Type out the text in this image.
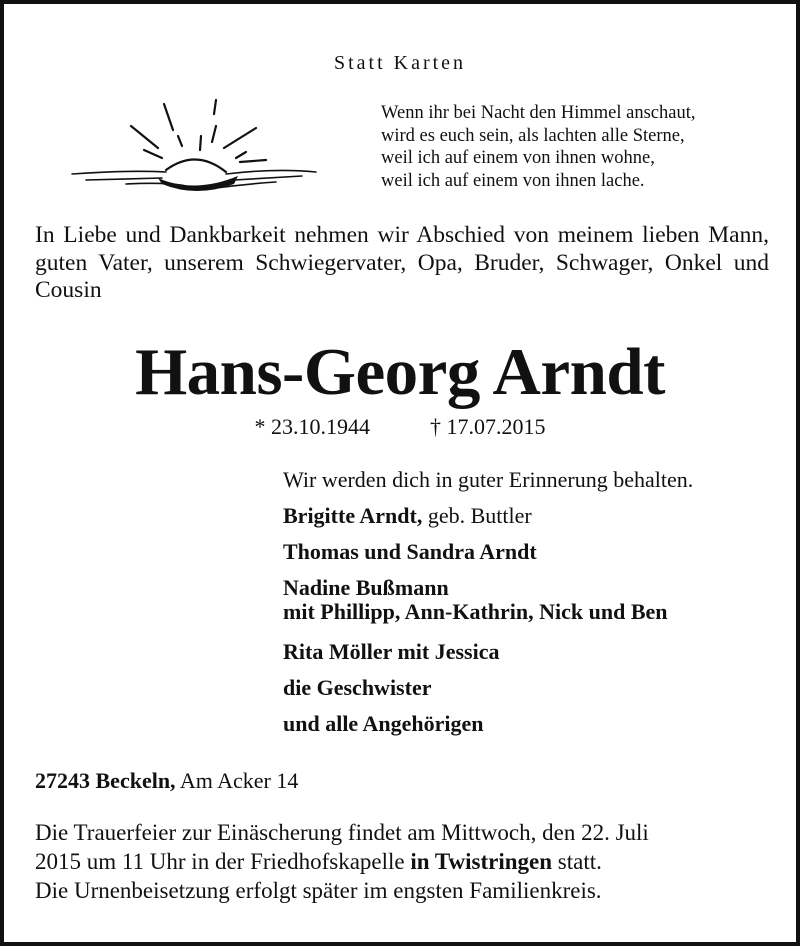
Statt Karten
Wenn ihr bei Nacht den Himmel anschaut,
wird es euch sein, als lachten alle Sterne,
weil ich auf einem von ihnen wohne,
weil ich auf einem von ihnen lache.
In Liebe und Dankbarkeit nehmen wir Abschied von meinem lieben Mann, guten Vater, unserem Schwiegervater, Opa, Bruder, Schwager, Onkel und Cousin
Hans-Georg Arndt
* 23.10.1944	† 17.07.2015
Wir werden dich in guter Erinnerung behalten.
Brigitte Arndt, geb. Buttler
Thomas und Sandra Arndt
Nadine Bußmann
mit Phillipp, Ann-Kathrin, Nick und Ben
Rita Möller mit Jessica
die Geschwister
und alle Angehörigen
27243 Beckeln, Am Acker 14
Die Trauerfeier zur Einäscherung findet am Mittwoch, den 22. Juli
2015 um 11 Uhr in der Friedhofskapelle in Twistringen statt.
Die Urnenbeisetzung erfolgt später im engsten Familienkreis.
